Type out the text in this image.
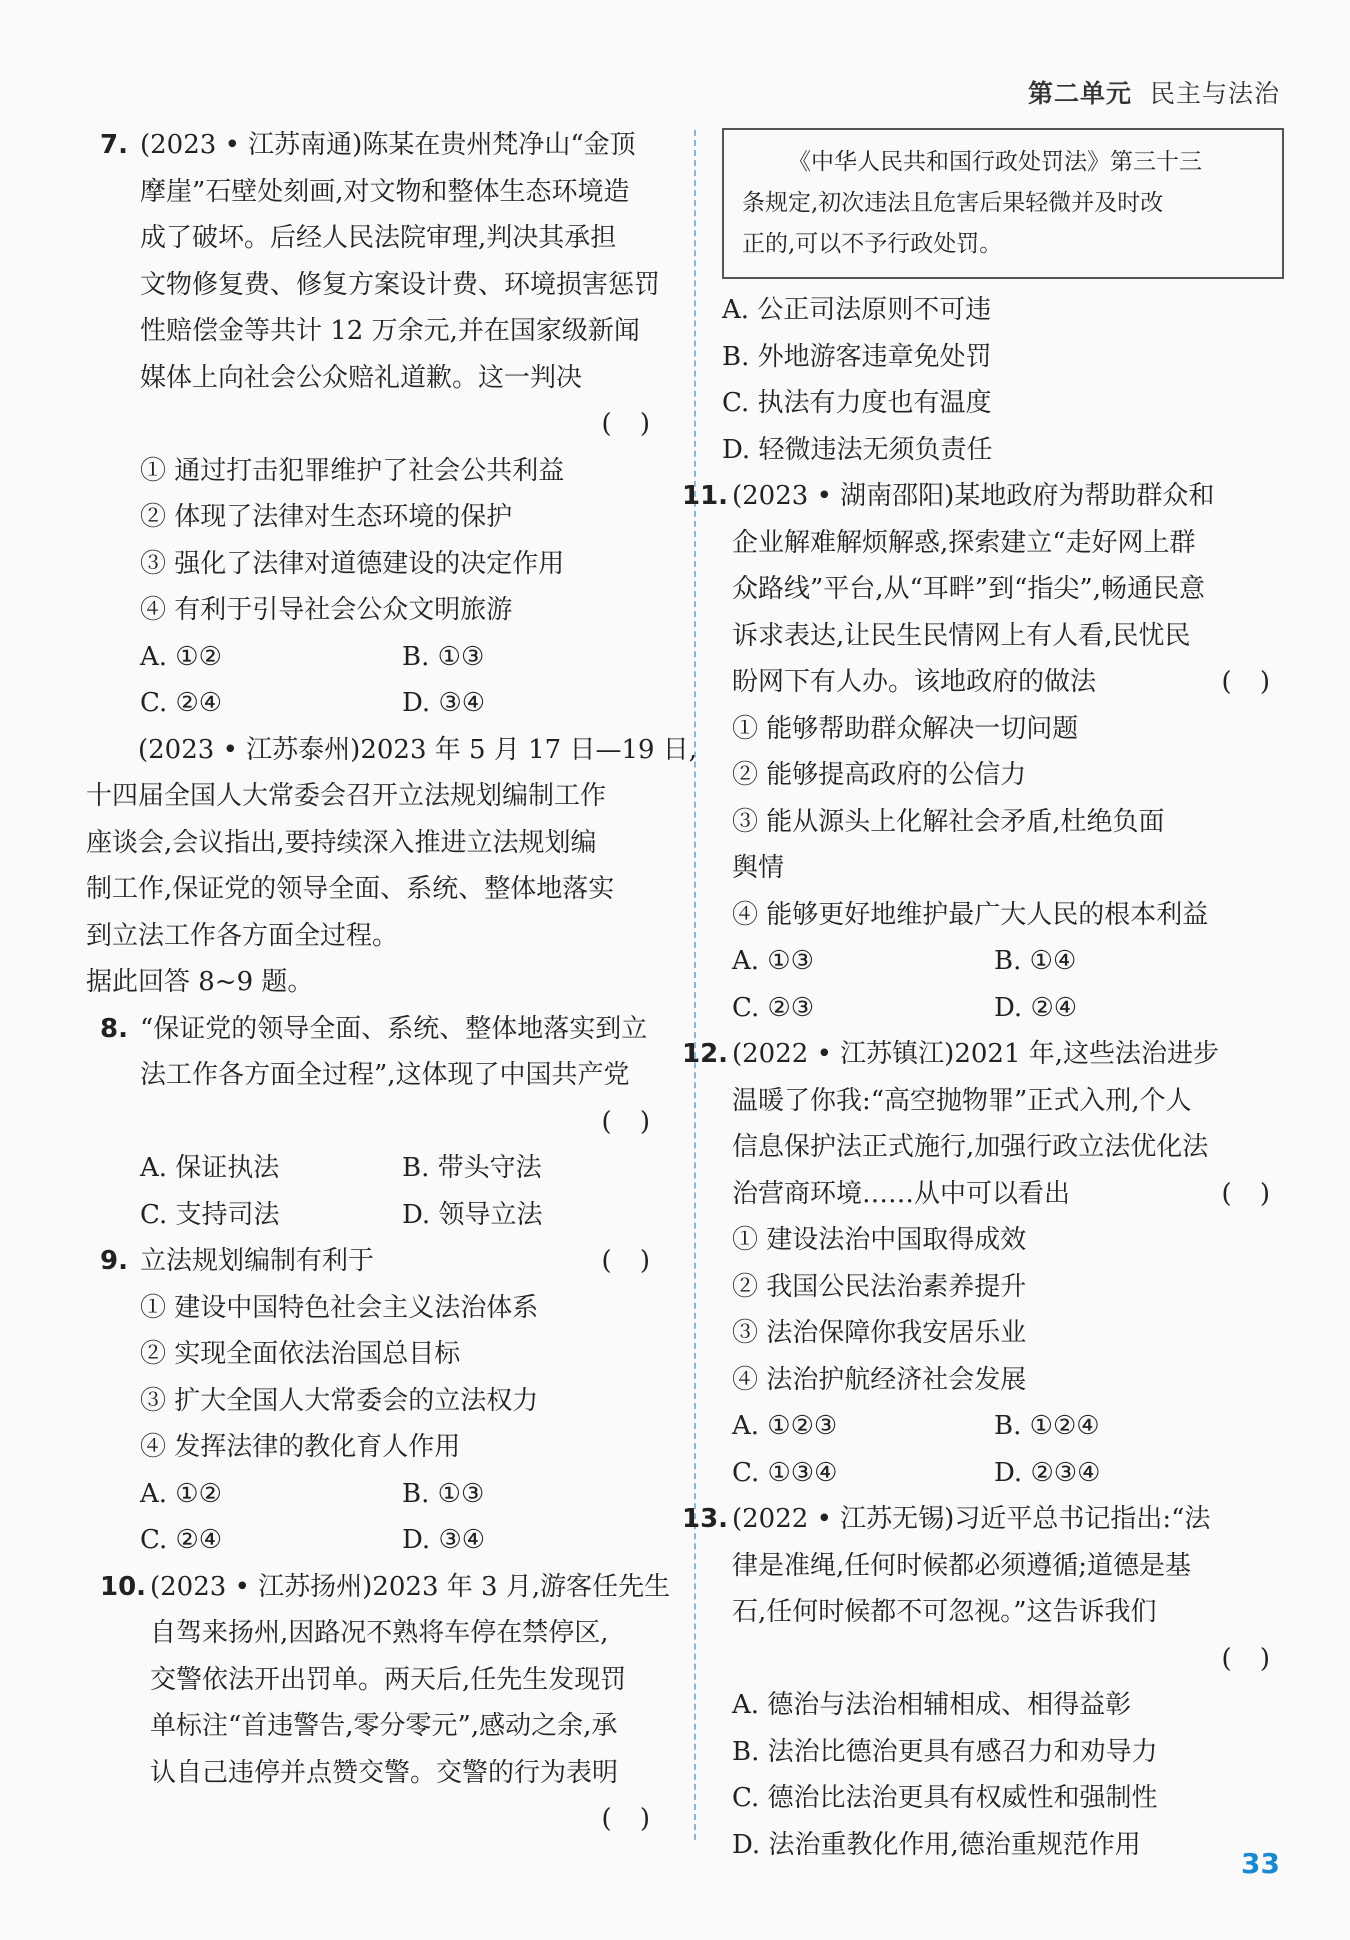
第二单元 民主与法治
7. (2023 • 江苏南通)陈某在贵州梵净山“金顶
摩崖”石壁处刻画,对文物和整体生态环境造
成了破坏。后经人民法院审理,判决其承担
文物修复费、修复方案设计费、环境损害惩罚
性赔偿金等共计 12 万余元,并在国家级新闻
媒体上向社会公众赔礼道歉。这一判决
( )
① 通过打击犯罪维护了社会公共利益
② 体现了法律对生态环境的保护
③ 强化了法律对道德建设的决定作用
④ 有利于引导社会公众文明旅游
A. ①②	B. ①③
C. ②④	D. ③④
(2023 • 江苏泰州)2023 年 5 月 17 日—19 日,
十四届全国人大常委会召开立法规划编制工作
座谈会,会议指出,要持续深入推进立法规划编
制工作,保证党的领导全面、系统、整体地落实
到立法工作各方面全过程。
据此回答 8~9 题。
8. “保证党的领导全面、系统、整体地落实到立
法工作各方面全过程”,这体现了中国共产党
( )
A. 保证执法	B. 带头守法
C. 支持司法	D. 领导立法
9. 立法规划编制有利于	( )
① 建设中国特色社会主义法治体系
② 实现全面依法治国总目标
③ 扩大全国人大常委会的立法权力
④ 发挥法律的教化育人作用
A. ①②	B. ①③
C. ②④	D. ③④
10. (2023 • 江苏扬州)2023 年 3 月,游客任先生
自驾来扬州,因路况不熟将车停在禁停区,
交警依法开出罚单。两天后,任先生发现罚
单标注“首违警告,零分零元”,感动之余,承
认自己违停并点赞交警。交警的行为表明
( )
《中华人民共和国行政处罚法》第三十三
条规定,初次违法且危害后果轻微并及时改
正的,可以不予行政处罚。
A. 公正司法原则不可违
B. 外地游客违章免处罚
C. 执法有力度也有温度
D. 轻微违法无须负责任
11. (2023 • 湖南邵阳)某地政府为帮助群众和
企业解难解烦解惑,探索建立“走好网上群
众路线”平台,从“耳畔”到“指尖”,畅通民意
诉求表达,让民生民情网上有人看,民忧民
盼网下有人办。该地政府的做法	( )
① 能够帮助群众解决一切问题
② 能够提高政府的公信力
③ 能从源头上化解社会矛盾,杜绝负面
舆情
④ 能够更好地维护最广大人民的根本利益
A. ①③	B. ①④
C. ②③	D. ②④
12. (2022 • 江苏镇江)2021 年,这些法治进步
温暖了你我:“高空抛物罪”正式入刑,个人
信息保护法正式施行,加强行政立法优化法
治营商环境……从中可以看出	( )
① 建设法治中国取得成效
② 我国公民法治素养提升
③ 法治保障你我安居乐业
④ 法治护航经济社会发展
A. ①②③	B. ①②④
C. ①③④	D. ②③④
13. (2022 • 江苏无锡)习近平总书记指出:“法
律是准绳,任何时候都必须遵循;道德是基
石,任何时候都不可忽视。”这告诉我们
( )
A. 德治与法治相辅相成、相得益彰
B. 法治比德治更具有感召力和劝导力
C. 德治比法治更具有权威性和强制性
D. 法治重教化作用,德治重规范作用
33
